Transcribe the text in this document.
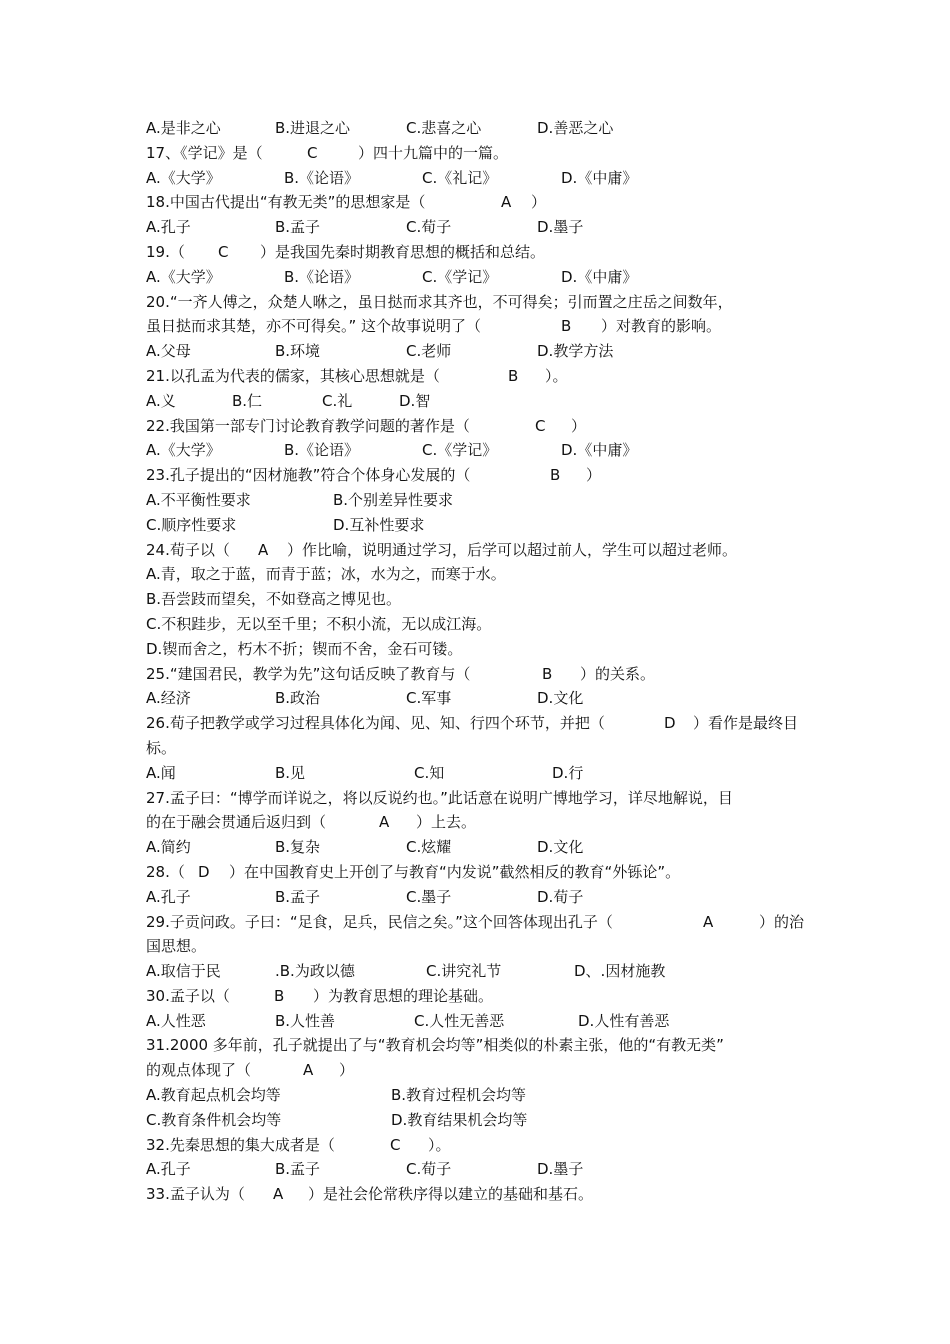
A.是非之心	B.进退之心	C.悲喜之心	D.善恶之心
17、《学记》是（	C	）四十九篇中的一篇。
A.《大学》	B.《论语》	C.《礼记》	D.《中庸》
18.中国古代提出“有教无类”的思想家是（	A ）
A.孔子	B.孟子	C.荀子	D.墨子
19.（ C ）是我国先秦时期教育思想的概括和总结。
A.《大学》	B.《论语》	C.《学记》	D.《中庸》
20.“一齐人傅之，众楚人咻之，虽日挞而求其齐也，不可得矣；引而置之庄岳之间数年，
虽日挞而求其楚，亦不可得矣。” 这个故事说明了（	B ）对教育的影响。
A.父母	B.环境	C.老师	D.教学方法
21.以孔孟为代表的儒家，其核心思想就是（	B ）。
A.义	B.仁	C.礼	D.智
22.我国第一部专门讨论教育教学问题的著作是（	C ）
A.《大学》	B.《论语》	C.《学记》	D.《中庸》
23.孔子提出的“因材施教”符合个体身心发展的（	B ）
A.不平衡性要求	B.个别差异性要求
C.顺序性要求	D.互补性要求
24.荀子以（ A ）作比喻，说明通过学习，后学可以超过前人，学生可以超过老师。
A.青，取之于蓝，而青于蓝；冰，水为之，而寒于水。
B.吾尝跂而望矣，不如登高之博见也。
C.不积跬步，无以至千里；不积小流，无以成江海。
D.锲而舍之，朽木不折；锲而不舍，金石可镂。
25.“建国君民，教学为先”这句话反映了教育与（	B ）的关系。
A.经济	B.政治	C.军事	D.文化
26.荀子把教学或学习过程具体化为闻、见、知、行四个环节，并把（	D ）看作是最终目
标。
A.闻	B.见	C.知	D.行
27.孟子曰：“博学而详说之，将以反说约也。”此话意在说明广博地学习，详尽地解说，目
的在于融会贯通后返归到（	A ）上去。
A.简约	B.复杂	C.炫耀	D.文化
28.（ D ）在中国教育史上开创了与教育“内发说”截然相反的教育“外铄论”。
A.孔子	B.孟子	C.墨子	D.荀子
29.子贡问政。子曰：“足食，足兵，民信之矣。”这个回答体现出孔子（	A	）的治
国思想。
A.取信于民	.B.为政以德	C.讲究礼节	D、.因材施教
30.孟子以（	B ）为教育思想的理论基础。
A.人性恶	B.人性善	C.人性无善恶	D.人性有善恶
31.2000 多年前，孔子就提出了与“教育机会均等”相类似的朴素主张，他的“有教无类”
的观点体现了（	A ）
A.教育起点机会均等	B.教育过程机会均等
C.教育条件机会均等	D.教育结果机会均等
32.先秦思想的集大成者是（	C ）。
A.孔子	B.孟子	C.荀子	D.墨子
33.孟子认为（ A ）是社会伦常秩序得以建立的基础和基石。
